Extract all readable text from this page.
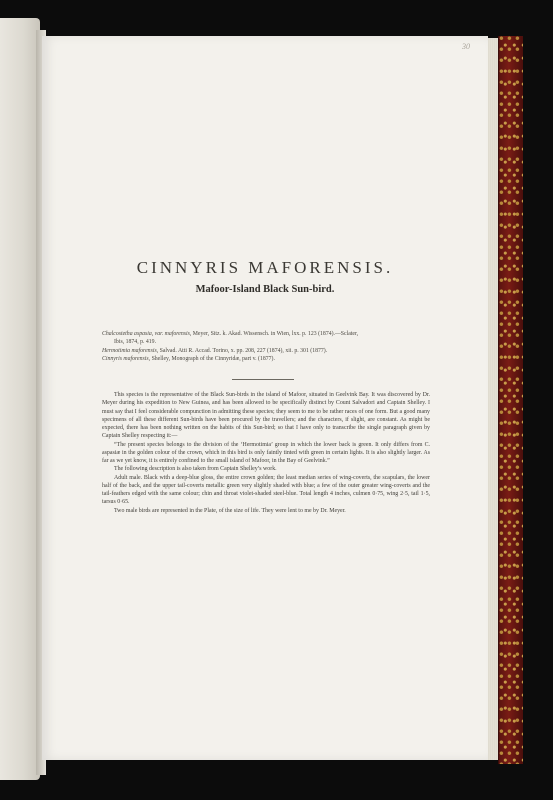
30
CINNYRIS MAFORENSIS.
Mafoor-Island Black Sun-bird.

Chalcostetha aspasia, var. maforensis, Meyer, Sitz. k. Akad. Wissensch. in Wien, lxx. p. 123 (1874).—Sclater,
Ibis, 1874, p. 419.

Hermotimia maforensis, Salvad. Atti R. Accad. Torino, x. pp. 208, 227 (1874), xii. p. 301 (1877).

Cinnyris maforensis, Shelley, Monograph of the Cinnyridæ, part v. (1877).

This species is the representative of the Black Sun-birds in the island of Mafoor, situated in Geelvink Bay. It was discovered by Dr. Meyer during his expedition to New Guinea, and has been allowed to be specifically distinct by Count Salvadori and Captain Shelley. I must say that I feel considerable compunction in admitting these species; they seem to me to be rather races of one form. But a good many specimens of all these different Sun-birds have been procured by the travellers; and the characters, if slight, are constant. As might be expected, there has been nothing written on the habits of this Sun-bird; so that I have only to transcribe the single paragraph given by Captain Shelley respecting it:—

“The present species belongs to the division of the ‘Hermotimia’ group in which the lower back is green. It only differs from C. aspasiæ in the golden colour of the crown, which in this bird is only faintly tinted with green in certain lights. It is also slightly larger. As far as we yet know, it is entirely confined to the small island of Mafoor, in the Bay of Geelvink.”

The following description is also taken from Captain Shelley’s work.

Adult male. Black with a deep-blue gloss, the entire crown golden; the least median series of wing-coverts, the scapulars, the lower half of the back, and the upper tail-coverts metallic green very slightly shaded with blue; a few of the outer greater wing-coverts and the tail-feathers edged with the same colour; chin and throat violet-shaded steel-blue. Total length 4 inches, culmen 0·75, wing 2·5, tail 1·5, tarsus 0·65.

Two male birds are represented in the Plate, of the size of life. They were lent to me by Dr. Meyer.
